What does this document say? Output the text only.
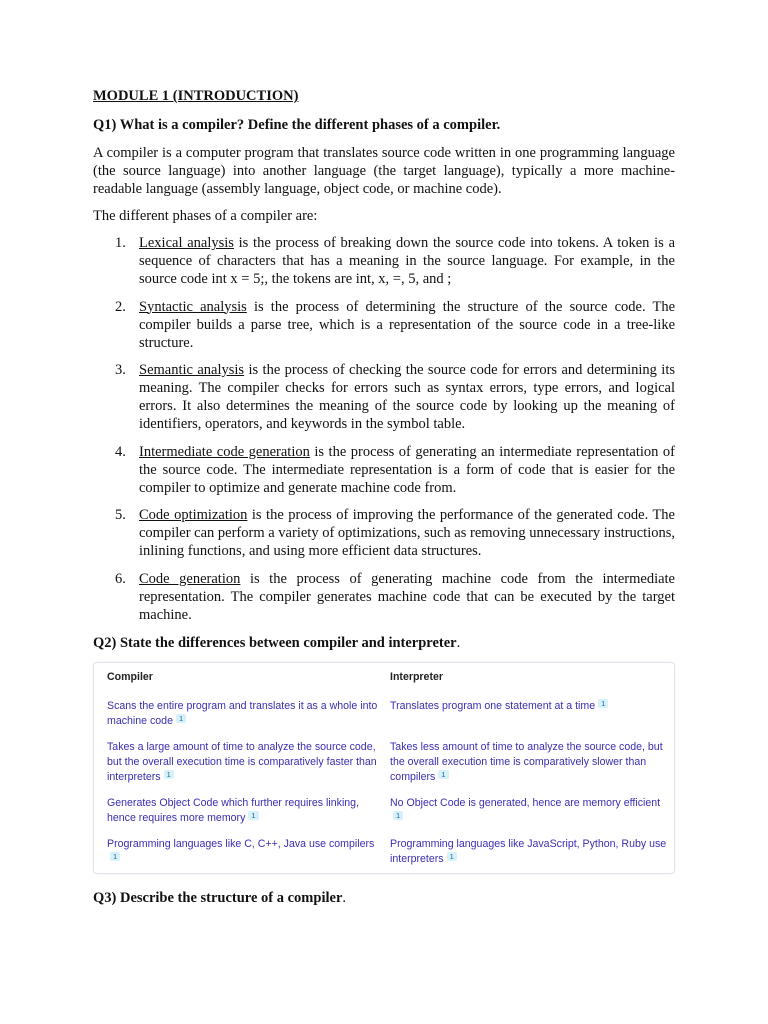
MODULE 1 (INTRODUCTION)
Q1) What is a compiler? Define the different phases of a compiler.

A compiler is a computer program that translates source code written in one programming language (the source language) into another language (the target language), typically a more machine-readable language (assembly language, object code, or machine code).

The different phases of a compiler are:

1. Lexical analysis is the process of breaking down the source code into tokens. A token is a sequence of characters that has a meaning in the source language. For example, in the source code int x = 5;, the tokens are int, x, =, 5, and ;
2. Syntactic analysis is the process of determining the structure of the source code. The compiler builds a parse tree, which is a representation of the source code in a tree-like structure.
3. Semantic analysis is the process of checking the source code for errors and determining its meaning. The compiler checks for errors such as syntax errors, type errors, and logical errors. It also determines the meaning of the source code by looking up the meaning of identifiers, operators, and keywords in the symbol table.
4. Intermediate code generation is the process of generating an intermediate representation of the source code. The intermediate representation is a form of code that is easier for the compiler to optimize and generate machine code from.
5. Code optimization is the process of improving the performance of the generated code. The compiler can perform a variety of optimizations, such as removing unnecessary instructions, inlining functions, and using more efficient data structures.
6. Code generation is the process of generating machine code from the intermediate representation. The compiler generates machine code that can be executed by the target machine.
Q2) State the differences between compiler and interpreter.
Compiler	Interpreter
Scans the entire program and translates it as a whole into machine code 1	Translates program one statement at a time 1
Takes a large amount of time to analyze the source code, but the overall execution time is comparatively faster than interpreters 1	Takes less amount of time to analyze the source code, but the overall execution time is comparatively slower than compilers 1
Generates Object Code which further requires linking, hence requires more memory 1	No Object Code is generated, hence are memory efficient1
Programming languages like C, C++, Java use compilers1	Programming languages like JavaScript, Python, Ruby use interpreters 1
Q3) Describe the structure of a compiler.
